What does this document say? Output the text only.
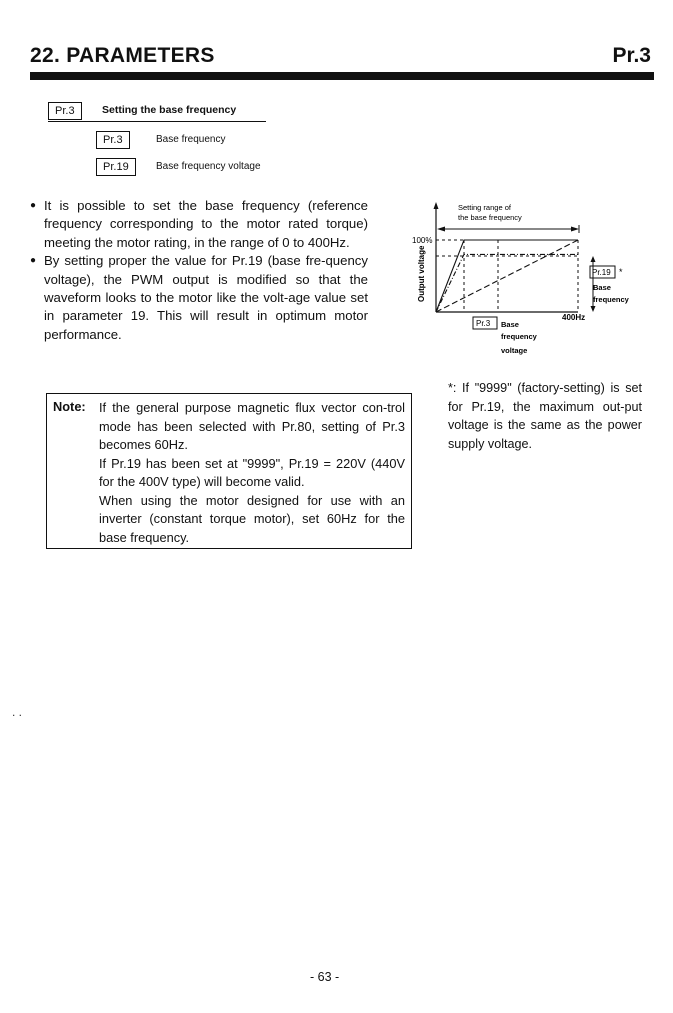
22. PARAMETERS	Pr.3
Pr.3	Setting the base frequency
Pr.3	Base frequency
Pr.19	Base frequency voltage

● It is possible to set the base frequency (reference frequency corresponding to the motor rated torque) meeting the motor rating, in the range of 0 to 400Hz.

● By setting proper the value for Pr.19 (base fre-quency voltage), the PWM output is modified so that the waveform looks to the motor like the volt-age value set in parameter 19. This will result in optimum motor performance.

Note: If the general purpose magnetic flux vector con-trol mode has been selected with Pr.80, setting of Pr.3 becomes 60Hz.

If Pr.19 has been set at "9999", Pr.19 = 220V (440V for the 400V type) will become valid.

When using the motor designed for use with an inverter (constant torque motor), set 60Hz for the base frequency.

Setting range of
the base frequency
100%
Output voltage
400Hz
Pr.3 Base
frequency
voltage
Pr.19 *
Base
frequency
*: If "9999" (factory-setting) is set for Pr.19, the maximum out-put voltage is the same as the power supply voltage.
- 63 -
. .
